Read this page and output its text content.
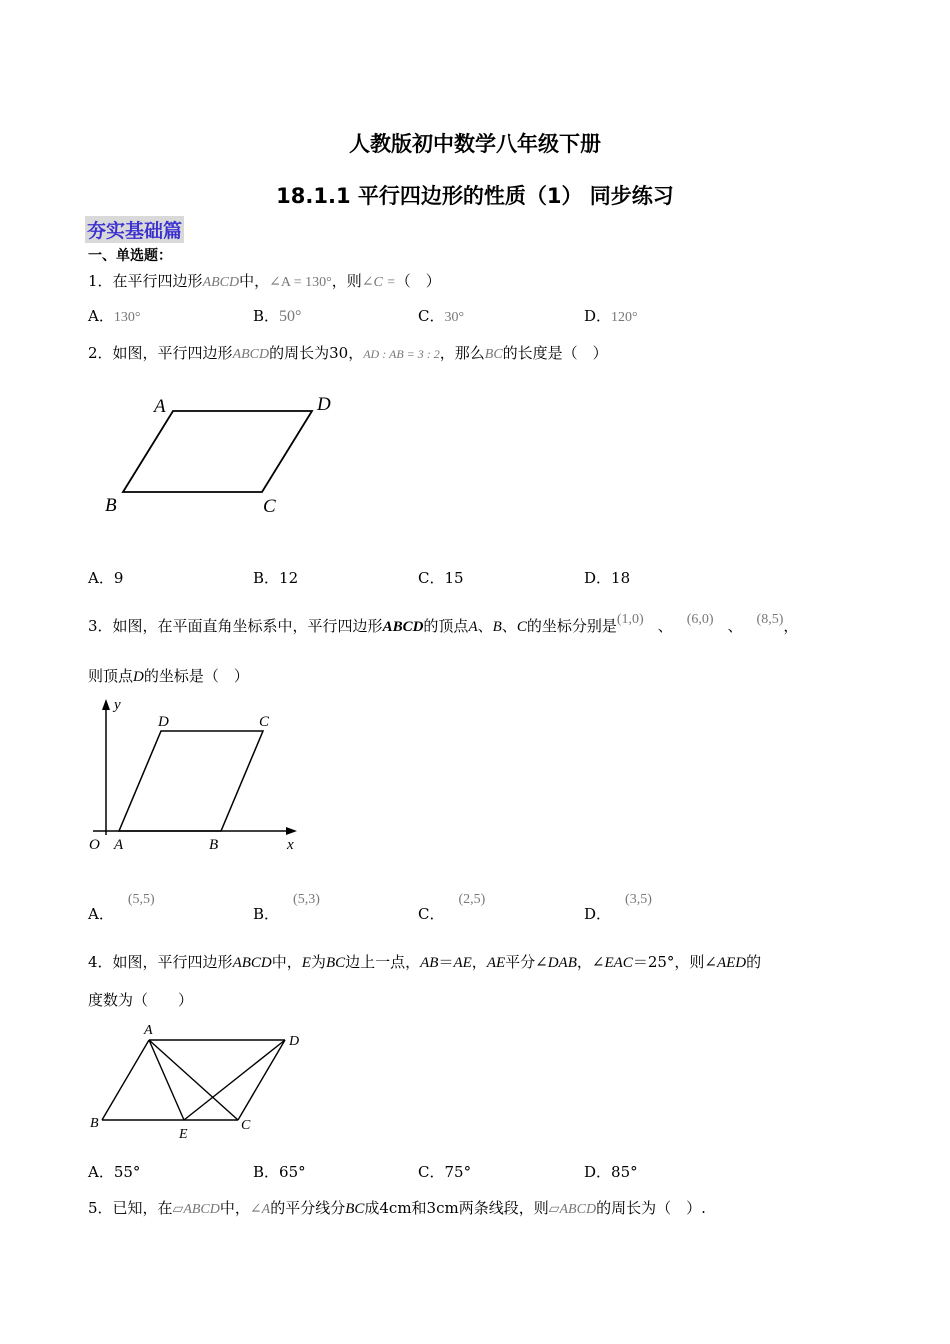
人教版初中数学八年级下册
18.1.1 平行四边形的性质（1） 同步练习
夯实基础篇
一、单选题：
1．在平行四边形ABCD中，∠A = 130°，则∠C =（　）
A．130°	B．50°	C．30°	D．120°
2．如图，平行四边形ABCD的周长为30，AD : AB = 3 : 2，那么BC的长度是（　）
A	D
B	C
A．9	B．12	C．15	D．18
3．如图，在平面直角坐标系中，平行四边形ABCD的顶点A、B、C的坐标分别是(1,0) 、 (6,0) 、 (8,5)，
则顶点D的坐标是（　）
y
x
O A	B
C
D
A．(5,5)
B．(5,3)
C．(2,5)
D．(3,5)
4．如图，平行四边形ABCD中，E为BC边上一点，AB＝AE，AE平分∠DAB，∠EAC＝25°，则∠AED的
度数为（　　）
A
D
B
E
C
A．55°	B．65°	C．75°	D．85°
5．已知，在▱ABCD中，∠A的平分线分BC成4cm和3cm两条线段，则▱ABCD的周长为（　）.
